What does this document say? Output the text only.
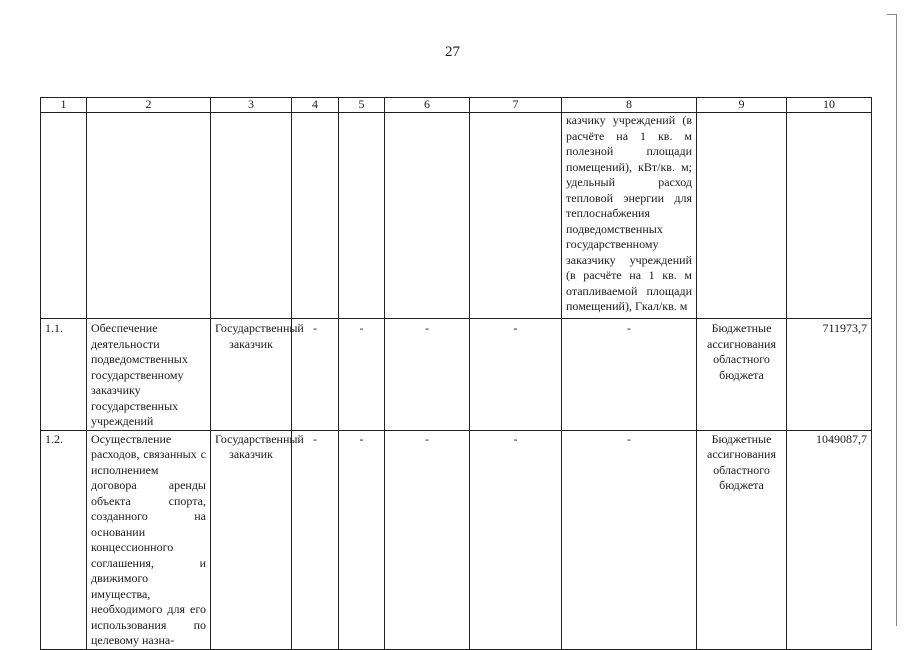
27
1	2	3	4	5	6	7	8	9	10
							казчику учреждений (в расчёте на 1 кв. м полезной площади помещений), кВт/кв. м; удельный расход тепловой энергии для теплоснабжения подведомственных государственному заказчику учреждений (в расчёте на 1 кв. м отапливаемой площади помещений), Гкал/кв. м		
1.1.	Обеспечение деятельности подведомственных государственному заказчику государственных учреждений	Государственный заказчик	-	-	-	-	-	Бюджетные ассигнования областного бюджета	711973,7
1.2.	Осуществление расходов, связанных с исполнением договора аренды объекта спорта, созданного на основании концессионного соглашения, и движимого имущества, необходимого для его использования по целевому назна-	Государственный заказчик	-	-	-	-	-	Бюджетные ассигнования областного бюджета	1049087,7
